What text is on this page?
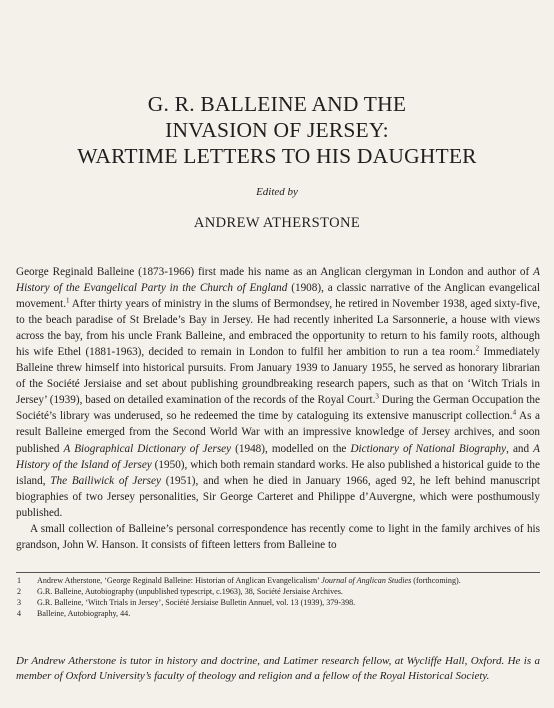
G. R. BALLEINE AND THE
INVASION OF JERSEY:
WARTIME LETTERS TO HIS DAUGHTER
Edited by
ANDREW ATHERSTONE

George Reginald Balleine (1873-1966) first made his name as an Anglican clergyman in London and author of A History of the Evangelical Party in the Church of England (1908), a classic narrative of the Anglican evangelical movement.$^1$ After thirty years of ministry in the slums of Bermondsey, he retired in November 1938, aged sixty-five, to the beach paradise of St Brelade’s Bay in Jersey. He had recently inherited La Sarsonnerie, a house with views across the bay, from his uncle Frank Balleine, and embraced the opportunity to return to his family roots, although his wife Ethel (1881-1963), decided to remain in London to fulfil her ambition to run a tea room.$^2$ Immediately Balleine threw himself into historical pursuits. From January 1939 to January 1955, he served as honorary librarian of the Société Jersiaise and set about publishing groundbreaking research papers, such as that on ‘Witch Trials in Jersey’ (1939), based on detailed examination of the records of the Royal Court.$^3$ During the German Occupation the Société’s library was underused, so he redeemed the time by cataloguing its extensive manuscript collection.$^4$ As a result Balleine emerged from the Second World War with an impressive knowledge of Jersey archives, and soon published A Biographical Dictionary of Jersey (1948), modelled on the Dictionary of National Biography, and A History of the Island of Jersey (1950), which both remain standard works. He also published a historical guide to the island, The Bailiwick of Jersey (1951), and when he died in January 1966, aged 92, he left behind manuscript biographies of two Jersey personalities, Sir George Carteret and Philippe d’Auvergne, which were posthumously published.

A small collection of Balleine’s personal correspondence has recently come to light in the family archives of his grandson, John W. Hanson. It consists of fifteen letters from Balleine to

1 Andrew Atherstone, ‘George Reginald Balleine: Historian of Anglican Evangelicalism’ Journal of Anglican Studies (forthcoming).
2 G.R. Balleine, Autobiography (unpublished typescript, c.1963), 38, Société Jersiaise Archives.
3 G.R. Balleine, ‘Witch Trials in Jersey’, Société Jersiaise Bulletin Annuel, vol. 13 (1939), 379-398.
4 Balleine, Autobiography, 44.

Dr Andrew Atherstone is tutor in history and doctrine, and Latimer research fellow, at Wycliffe Hall, Oxford. He is a member of Oxford University’s faculty of theology and religion and a fellow of the Royal Historical Society.
